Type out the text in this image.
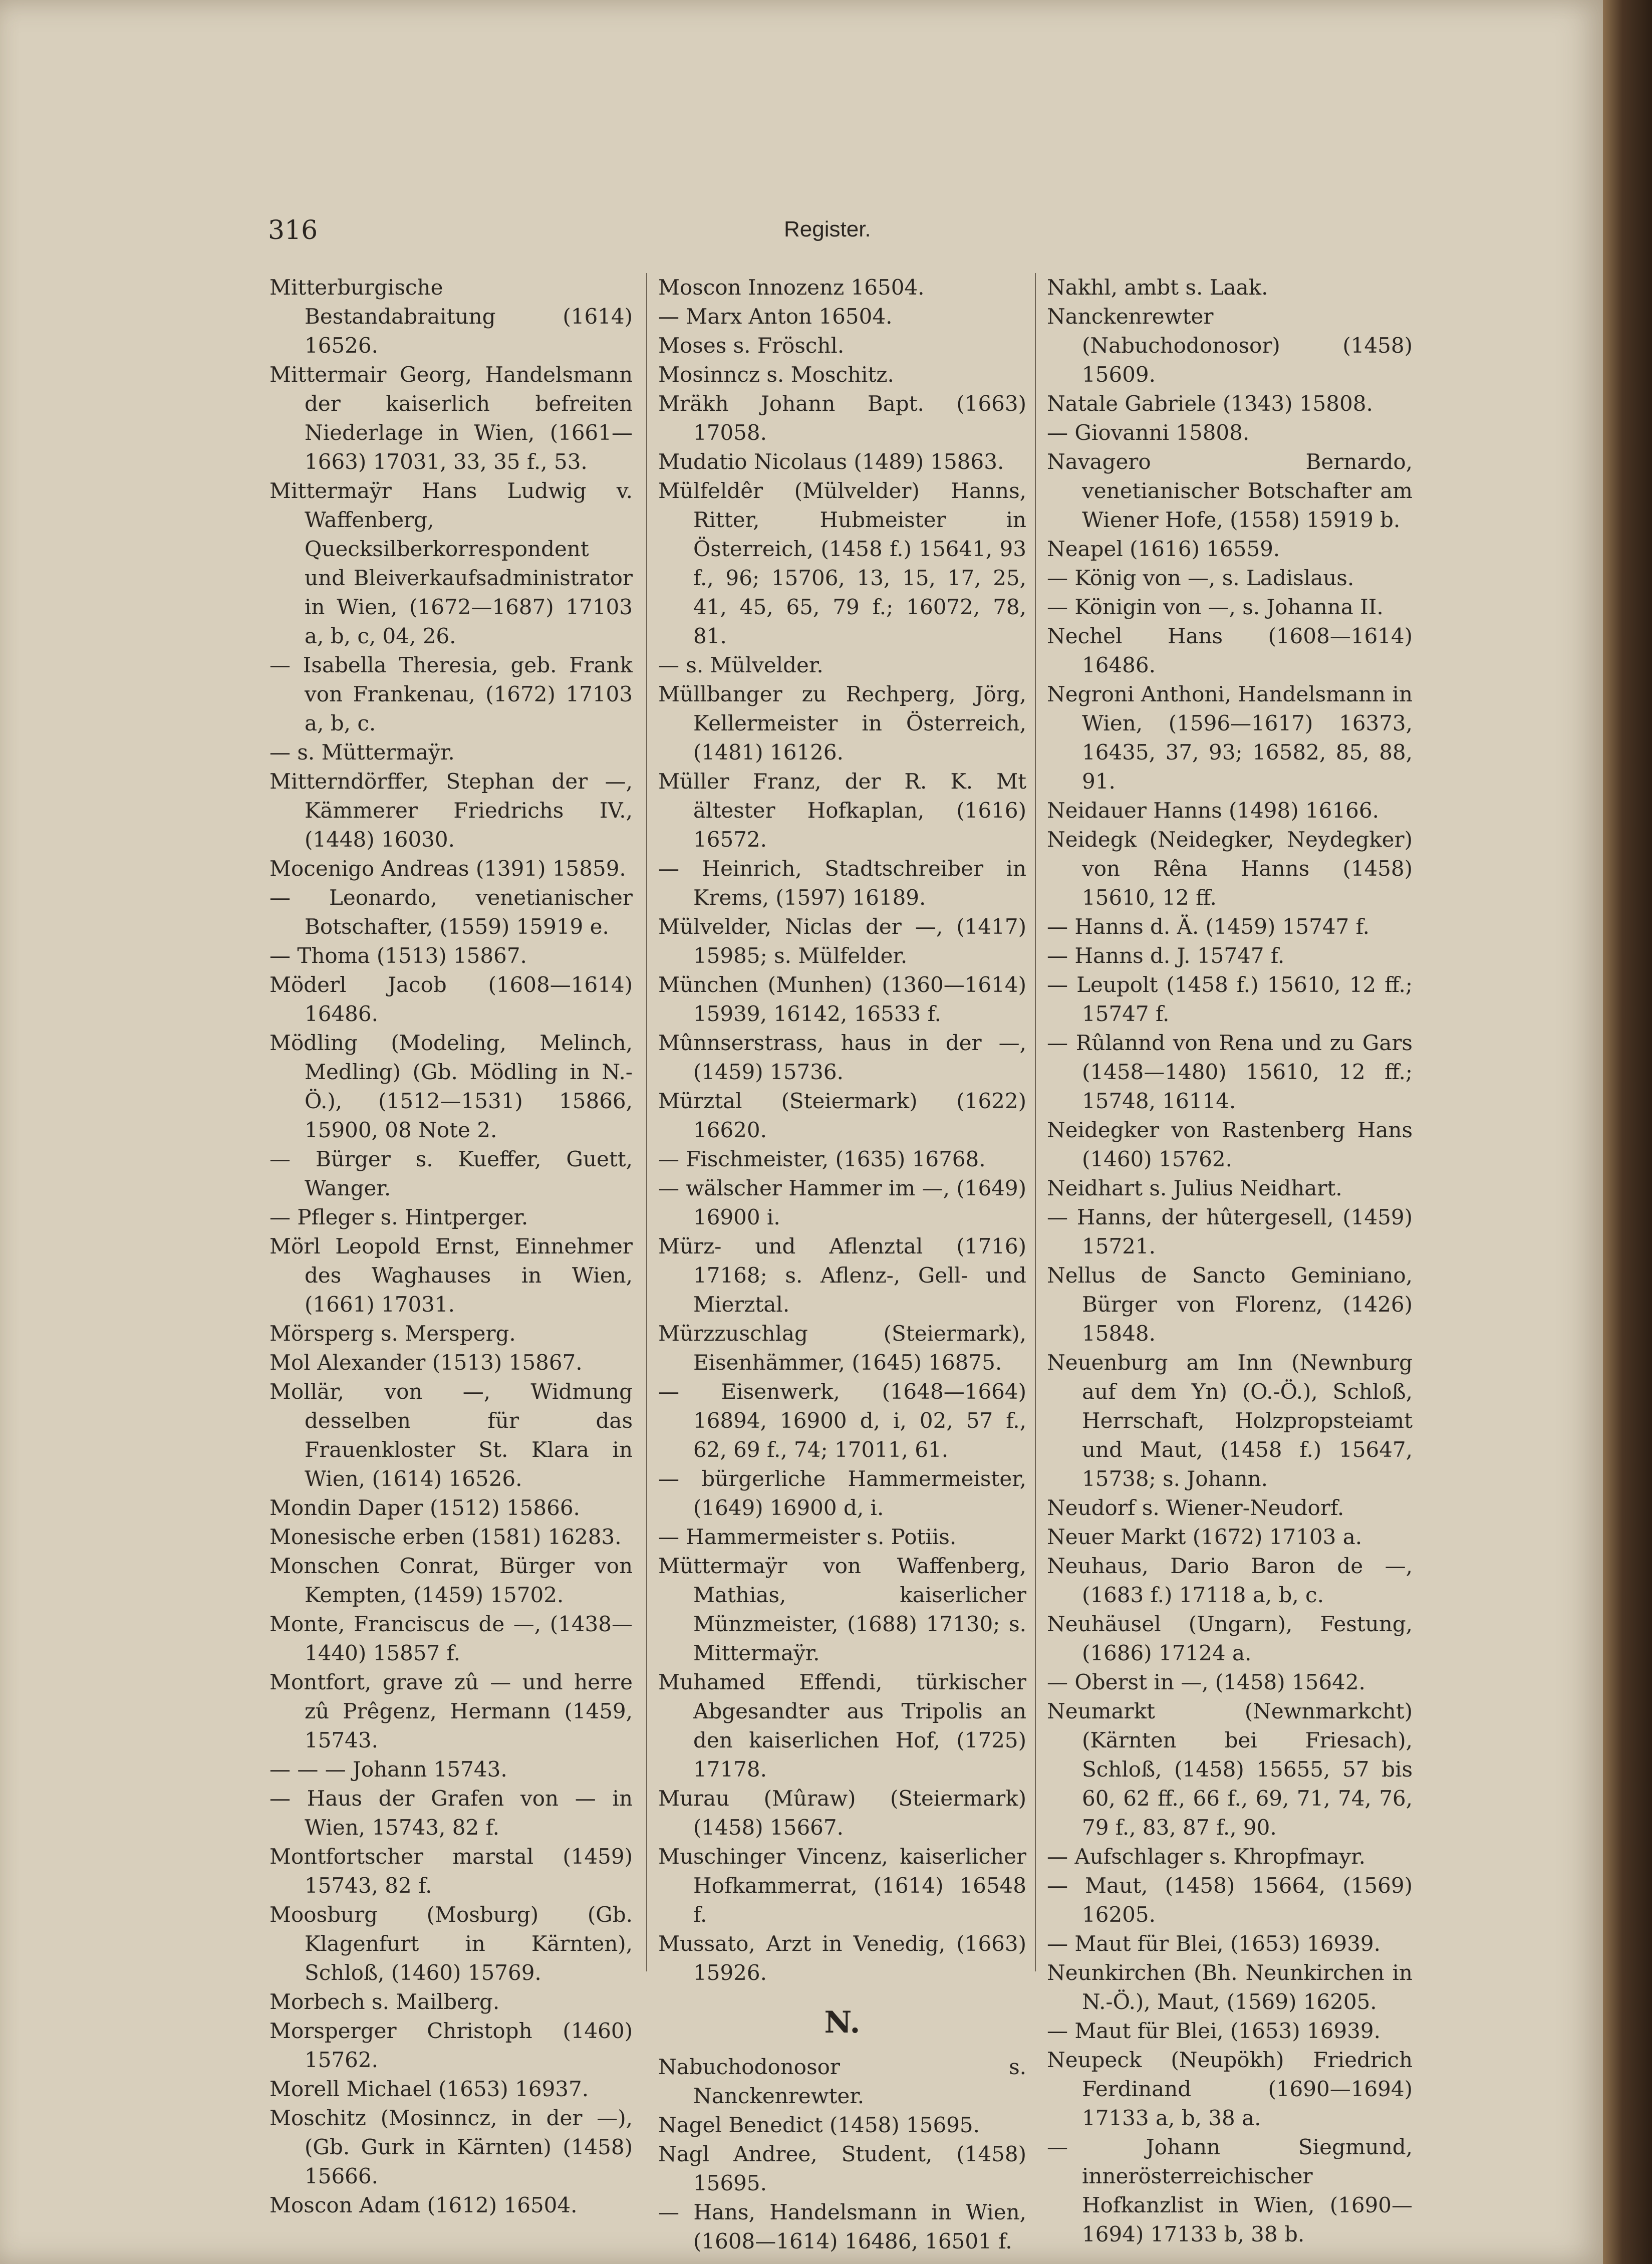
316	Register.

Mitterburgische Bestandabraitung (1614) 16526.

Mittermair Georg, Handelsmann der kaiserlich befreiten Niederlage in Wien, (1661—1663) 17031, 33, 35 f., 53.

Mittermaÿr Hans Ludwig v. Waffenberg, Quecksilberkorrespondent und Bleiverkaufsadministrator in Wien, (1672—1687) 17103 a, b, c, 04, 26.

— Isabella Theresia, geb. Frank von Frankenau, (1672) 17103 a, b, c.

— s. Müttermaÿr.

Mitterndörffer, Stephan der —, Kämmerer Friedrichs IV., (1448) 16030.

Mocenigo Andreas (1391) 15859.

— Leonardo, venetianischer Botschafter, (1559) 15919 e.

— Thoma (1513) 15867.

Möderl Jacob (1608—1614) 16486.

Mödling (Modeling, Melinch, Medling) (Gb. Mödling in N.-Ö.), (1512—1531) 15866, 15900, 08 Note 2.

— Bürger s. Kueffer, Guett, Wanger.

— Pfleger s. Hintperger.

Mörl Leopold Ernst, Einnehmer des Waghauses in Wien, (1661) 17031.

Mörsperg s. Mersperg.

Mol Alexander (1513) 15867.

Mollär, von —, Widmung desselben für das Frauenkloster St. Klara in Wien, (1614) 16526.

Mondin Daper (1512) 15866.

Monesische erben (1581) 16283.

Monschen Conrat, Bürger von Kempten, (1459) 15702.

Monte, Franciscus de —, (1438—1440) 15857 f.

Montfort, grave zû — und herre zû Prêgenz, Hermann (1459, 15743.

— — — Johann 15743.

— Haus der Grafen von — in Wien, 15743, 82 f.

Montfortscher marstal (1459) 15743, 82 f.

Moosburg (Mosburg) (Gb. Klagenfurt in Kärnten), Schloß, (1460) 15769.

Morbech s. Mailberg.

Morsperger Christoph (1460) 15762.

Morell Michael (1653) 16937.

Moschitz (Mosinncz, in der —), (Gb. Gurk in Kärnten) (1458) 15666.

Moscon Adam (1612) 16504.

Moscon Innozenz 16504.

— Marx Anton 16504.

Moses s. Fröschl.

Mosinncz s. Moschitz.

Mräkh Johann Bapt. (1663) 17058.

Mudatio Nicolaus (1489) 15863.

Mülfeldêr (Mülvelder) Hanns, Ritter, Hubmeister in Österreich, (1458 f.) 15641, 93 f., 96; 15706, 13, 15, 17, 25, 41, 45, 65, 79 f.; 16072, 78, 81.

— s. Mülvelder.

Müllbanger zu Rechperg, Jörg, Kellermeister in Österreich, (1481) 16126.

Müller Franz, der R. K. Mt ältester Hofkaplan, (1616) 16572.

— Heinrich, Stadtschreiber in Krems, (1597) 16189.

Mülvelder, Niclas der —, (1417) 15985; s. Mülfelder.

München (Munhen) (1360—1614) 15939, 16142, 16533 f.

Mûnnserstrass, haus in der —, (1459) 15736.

Mürztal (Steiermark) (1622) 16620.

— Fischmeister, (1635) 16768.

— wälscher Hammer im —, (1649) 16900 i.

Mürz- und Aflenztal (1716) 17168; s. Aflenz-, Gell- und Mierztal.

Mürzzuschlag (Steiermark), Eisenhämmer, (1645) 16875.

— Eisenwerk, (1648—1664) 16894, 16900 d, i, 02, 57 f., 62, 69 f., 74; 17011, 61.

— bürgerliche Hammermeister, (1649) 16900 d, i.

— Hammermeister s. Potiis.

Müttermaÿr von Waffenberg, Mathias, kaiserlicher Münzmeister, (1688) 17130; s. Mittermaÿr.

Muhamed Effendi, türkischer Abgesandter aus Tripolis an den kaiserlichen Hof, (1725) 17178.

Murau (Mûraw) (Steiermark) (1458) 15667.

Muschinger Vincenz, kaiserlicher Hofkammerrat, (1614) 16548 f.

Mussato, Arzt in Venedig, (1663) 15926.

N.

Nabuchodonosor s. Nanckenrewter.

Nagel Benedict (1458) 15695.

Nagl Andree, Student, (1458) 15695.

— Hans, Handelsmann in Wien, (1608—1614) 16486, 16501 f.

Nakhl, ambt s. Laak.

Nanckenrewter (Nabuchodonosor) (1458) 15609.

Natale Gabriele (1343) 15808.

— Giovanni 15808.

Navagero Bernardo, venetianischer Botschafter am Wiener Hofe, (1558) 15919 b.

Neapel (1616) 16559.

— König von —, s. Ladislaus.

— Königin von —, s. Johanna II.

Nechel Hans (1608—1614) 16486.

Negroni Anthoni, Handelsmann in Wien, (1596—1617) 16373, 16435, 37, 93; 16582, 85, 88, 91.

Neidauer Hanns (1498) 16166.

Neidegk (Neidegker, Neydegker) von Rêna Hanns (1458) 15610, 12 ff.

— Hanns d. Ä. (1459) 15747 f.

— Hanns d. J. 15747 f.

— Leupolt (1458 f.) 15610, 12 ff.; 15747 f.

— Rûlannd von Rena und zu Gars (1458—1480) 15610, 12 ff.; 15748, 16114.

Neidegker von Rastenberg Hans (1460) 15762.

Neidhart s. Julius Neidhart.

— Hanns, der hûtergesell, (1459) 15721.

Nellus de Sancto Geminiano, Bürger von Florenz, (1426) 15848.

Neuenburg am Inn (Newnburg auf dem Yn) (O.-Ö.), Schloß, Herrschaft, Holzpropsteiamt und Maut, (1458 f.) 15647, 15738; s. Johann.

Neudorf s. Wiener-Neudorf.

Neuer Markt (1672) 17103 a.

Neuhaus, Dario Baron de —, (1683 f.) 17118 a, b, c.

Neuhäusel (Ungarn), Festung, (1686) 17124 a.

— Oberst in —, (1458) 15642.

Neumarkt (Newnmarkcht) (Kärnten bei Friesach), Schloß, (1458) 15655, 57 bis 60, 62 ff., 66 f., 69, 71, 74, 76, 79 f., 83, 87 f., 90.

— Aufschlager s. Khropfmayr.

— Maut, (1458) 15664, (1569) 16205.

— Maut für Blei, (1653) 16939.

Neunkirchen (Bh. Neunkirchen in N.-Ö.), Maut, (1569) 16205.

— Maut für Blei, (1653) 16939.

Neupeck (Neupökh) Friedrich Ferdinand (1690—1694) 17133 a, b, 38 a.

— Johann Siegmund, innerösterreichischer Hofkanzlist in Wien, (1690—1694) 17133 b, 38 b.
